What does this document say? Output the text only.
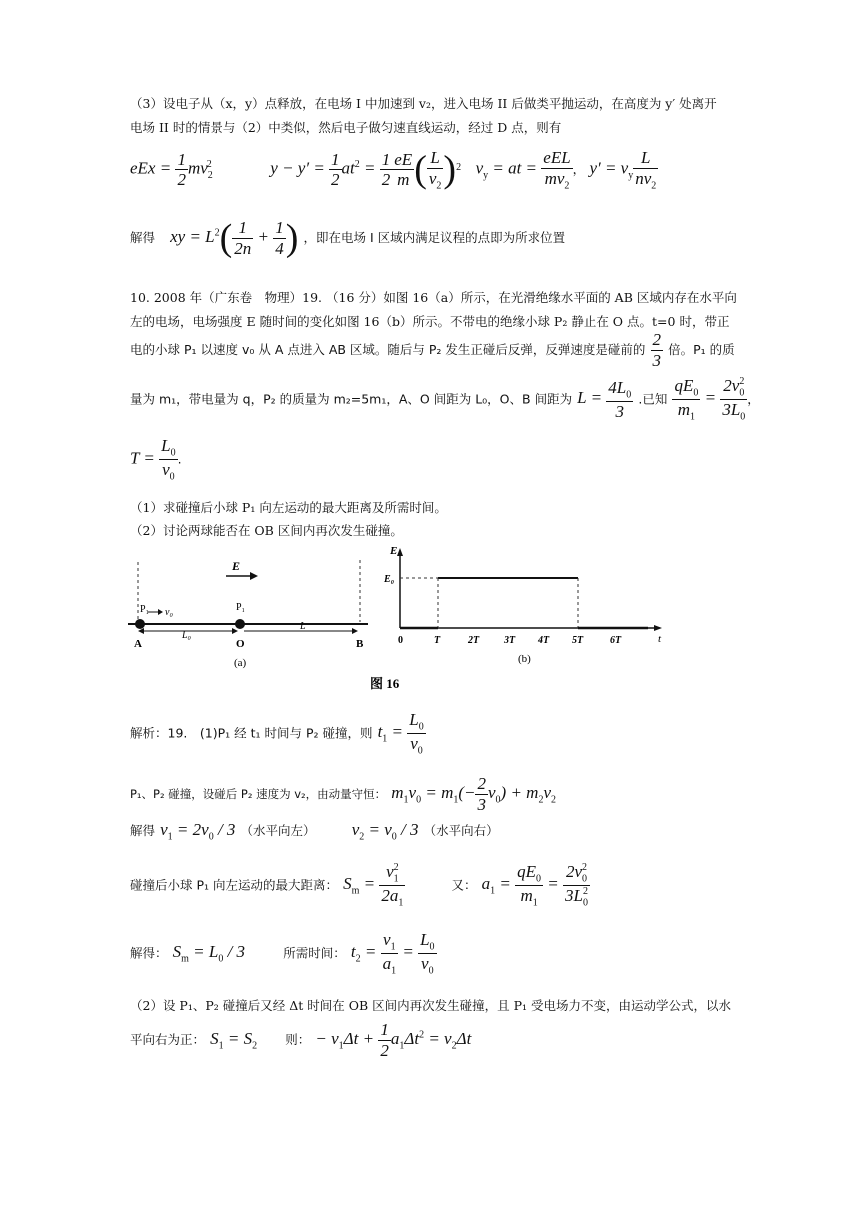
（3）设电子从（x，y）点释放，在电场 I 中加速到 v₂，进入电场 II 后做类平抛运动，在高度为 y′ 处离开
电场 II 时的情景与（2）中类似，然后电子做匀速直线运动，经过 D 点，则有
eEx = $\frac{1}{2} mv_2^2$	$y - y' = \frac{1}{2} at^2 = \frac{1}{2} \frac{eE}{m}$ ( $\frac{L}{v_2} )^2$  $v_y$ = at = $\frac{\text{eEL}}{mv_2}$ ， $y' = v_y \frac{L}{nv_2}$
解得 xy = $L^2( \frac{1}{2n} + \frac{1}{4}$ ) ，即在电场 I 区域内满足议程的点即为所求位置
10. 2008 年（广东卷　物理）19. （16 分）如图 16（a）所示，在光滑绝缘水平面的 AB 区域内存在水平向
左的电场，电场强度 E 随时间的变化如图 16（b）所示。不带电的绝缘小球 P₂ 静止在 O 点。t=0 时，带正
电的小球 P₁ 以速度 v₀ 从 A 点进入 AB 区域。随后与 P₂ 发生正碰后反弹，反弹速度是碰前的 $\frac{2}{3}$ 倍。P₁ 的质
量为 m₁，带电量为 q，P₂ 的质量为 m₂=5m₁，A、O 间距为 L₀，O、B 间距为 $L = \frac{4L_0}{3}$ .已知 $\frac{qE_0}{m_1} = \frac{2v_0^2}{3L_0}$ ，
$T = \frac{L_0}{v_0}$ .
（1）求碰撞后小球 P₁ 向左运动的最大距离及所需时间。
（2）讨论两球能否在 OB 区间内再次发生碰撞。
E
P₁	P₁
v₀
L₀
L
A	O	B
(a)
E
t
E₀
0	T	2T 3T 4T 5T	6T
(b)
图 16
解析：19.　(1)P₁ 经 t₁ 时间与 P₂ 碰撞，则 $t_1 = \frac{L_0}{v_0}$
P₁、P₂ 碰撞，设碰后 P₂ 速度为 v₂，由动量守恒： $m_1v_0 = m_1(- \frac{2}{3} v_0) + m_2v_2$
解得 $v_1 = 2v_0 / 3$ （水平向左） $v_2 = v_0 / 3$ （水平向右）
碰撞后小球 P₁ 向左运动的最大距离： $S_m = \frac{v_1^2}{2a_1}$	又： $a_1 = \frac{qE_0}{m_1} = \frac{2v_0^2}{3L_0^2}$
解得： $S_m = L_0 / 3$	所需时间： $t_2 = \frac{v_1}{a_1} = \frac{L_0}{v_0}$
（2）设 P₁、P₂ 碰撞后又经 Δt 时间在 OB 区间内再次发生碰撞，且 P₁ 受电场力不变，由运动学公式，以水
平向右为正： $S_1 = S_2$ 则： − $v_1\Delta t + \frac{1}{2} a_1\Delta t^2 = v_2\Delta t$
